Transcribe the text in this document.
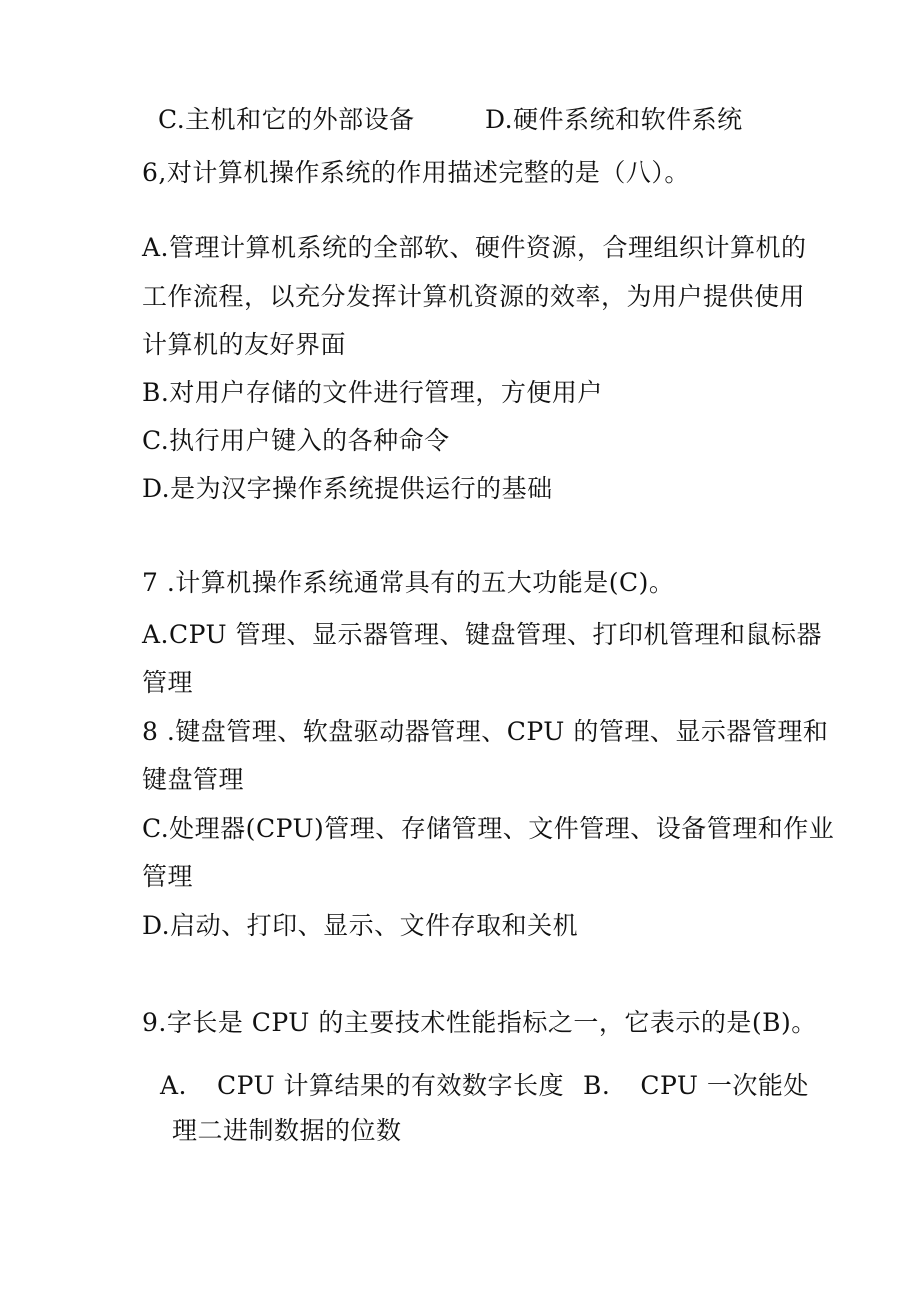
C.主机和它的外部设备	D.硬件系统和软件系统
6,对计算机操作系统的作用描述完整的是（八）。
A.管理计算机系统的全部软、硬件资源，合理组织计算机的
工作流程，以充分发挥计算机资源的效率，为用户提供使用
计算机的友好界面
B.对用户存储的文件进行管理，方便用户
C.执行用户键入的各种命令
D.是为汉字操作系统提供运行的基础
7 .计算机操作系统通常具有的五大功能是(C)。
A.CPU 管理、显示器管理、键盘管理、打印机管理和鼠标器
管理
8 .键盘管理、软盘驱动器管理、CPU 的管理、显示器管理和
键盘管理
C.处理器(CPU)管理、存储管理、文件管理、设备管理和作业
管理
D.启动、打印、显示、文件存取和关机
9.字长是 CPU 的主要技术性能指标之一，它表示的是(B)。
A. CPU 计算结果的有效数字长度 B. CPU 一次能处
理二进制数据的位数
